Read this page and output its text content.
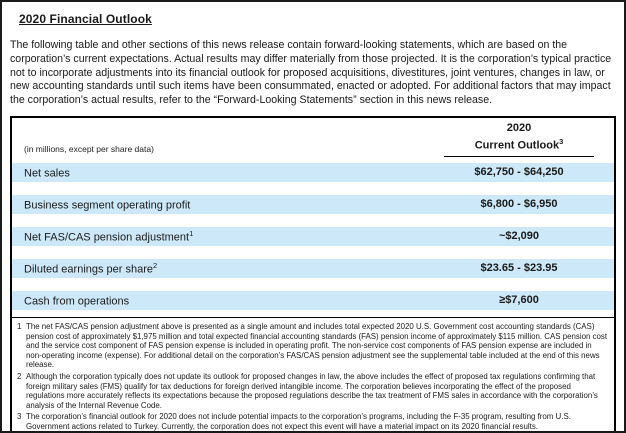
2020 Financial Outlook
The following table and other sections of this news release contain forward-looking statements, which are based on the corporation’s current expectations. Actual results may differ materially from those projected. It is the corporation’s typical practice not to incorporate adjustments into its financial outlook for proposed acquisitions, divestitures, joint ventures, changes in law, or new accounting standards until such items have been consummated, enacted or adopted. For additional factors that may impact the corporation’s actual results, refer to the “Forward-Looking Statements” section in this news release.
(in millions, except per share data)
2020
Current Outlook$^3$
Net sales	$62,750 - $64,250
Business segment operating profit	$6,800 - $6,950
Net FAS/CAS pension adjustment$^1$	~$2,090
Diluted earnings per share$^2$	$23.65 - $23.95
Cash from operations	≥$7,600
1 The net FAS/CAS pension adjustment above is presented as a single amount and includes total expected 2020 U.S. Government cost accounting standards (CAS) pension cost of approximately $1,975 million and total expected financial accounting standards (FAS) pension income of approximately $115 million. CAS pension cost and the service cost component of FAS pension expense is included in operating profit. The non-service cost components of FAS pension expense are included in non-operating income (expense). For additional detail on the corporation’s FAS/CAS pension adjustment see the supplemental table included at the end of this news release.
2 Although the corporation typically does not update its outlook for proposed changes in law, the above includes the effect of proposed tax regulations confirming that foreign military sales (FMS) qualify for tax deductions for foreign derived intangible income. The corporation believes incorporating the effect of the proposed regulations more accurately reflects its expectations because the proposed regulations describe the tax treatment of FMS sales in accordance with the corporation’s analysis of the Internal Revenue Code.
3 The corporation’s financial outlook for 2020 does not include potential impacts to the corporation’s programs, including the F-35 program, resulting from U.S. Government actions related to Turkey. Currently, the corporation does not expect this event will have a material impact on its 2020 financial results.
